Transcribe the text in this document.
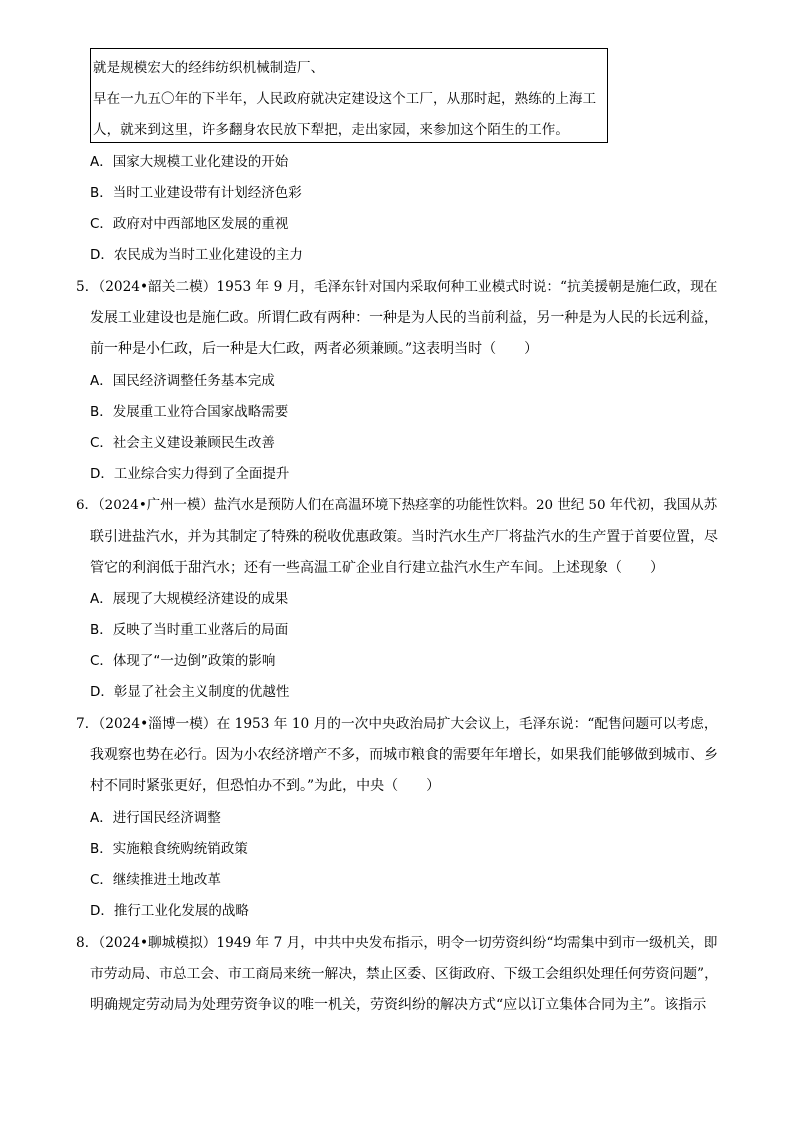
就是规模宏大的经纬纺织机械制造厂、
早在一九五〇年的下半年，人民政府就决定建设这个工厂，从那时起，熟练的上海工
人，就来到这里，许多翻身农民放下犁把，走出家园，来参加这个陌生的工作。
A．国家大规模工业化建设的开始
B．当时工业建设带有计划经济色彩
C．政府对中西部地区发展的重视
D．农民成为当时工业化建设的主力
5．（2024•韶关二模）1953 年 9 月，毛泽东针对国内采取何种工业模式时说：“抗美援朝是施仁政，现在
发展工业建设也是施仁政。所谓仁政有两种：一种是为人民的当前利益，另一种是为人民的长远利益，
前一种是小仁政，后一种是大仁政，两者必须兼顾。”这表明当时（　　）
A．国民经济调整任务基本完成
B．发展重工业符合国家战略需要
C．社会主义建设兼顾民生改善
D．工业综合实力得到了全面提升
6．（2024•广州一模）盐汽水是预防人们在高温环境下热痉挛的功能性饮料。20 世纪 50 年代初，我国从苏
联引进盐汽水，并为其制定了特殊的税收优惠政策。当时汽水生产厂将盐汽水的生产置于首要位置，尽
管它的利润低于甜汽水；还有一些高温工矿企业自行建立盐汽水生产车间。上述现象（　　）
A．展现了大规模经济建设的成果
B．反映了当时重工业落后的局面
C．体现了“一边倒”政策的影响
D．彰显了社会主义制度的优越性
7．（2024•淄博一模）在 1953 年 10 月的一次中央政治局扩大会议上，毛泽东说：“配售问题可以考虑，
我观察也势在必行。因为小农经济增产不多，而城市粮食的需要年年增长，如果我们能够做到城市、乡
村不同时紧张更好，但恐怕办不到。”为此，中央（　　）
A．进行国民经济调整
B．实施粮食统购统销政策
C．继续推进土地改革
D．推行工业化发展的战略
8．（2024•聊城模拟）1949 年 7 月，中共中央发布指示，明令一切劳资纠纷“均需集中到市一级机关，即
市劳动局、市总工会、市工商局来统一解决，禁止区委、区街政府、下级工会组织处理任何劳资问题”，
明确规定劳动局为处理劳资争议的唯一机关，劳资纠纷的解决方式“应以订立集体合同为主”。该指示
